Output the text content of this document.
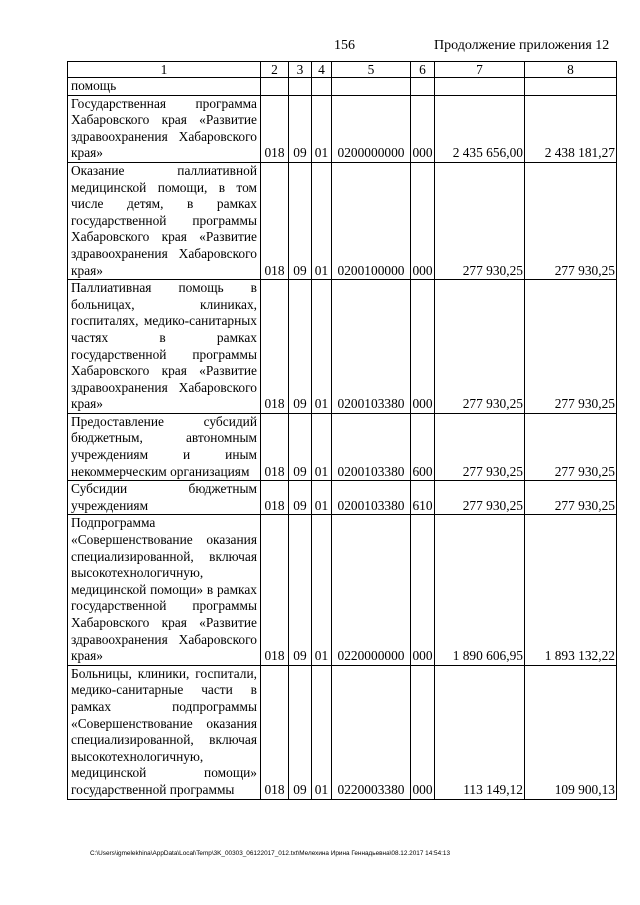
156	Продолжение приложения 12
1	2	3	4	5	6	7	8
помощь							
Государственная программа Хабаровского края «Развитие здравоохранения Хабаровского края»	018	09	01	0200000000	000	2 435 656,00	2 438 181,27
Оказание паллиативной медицинской помощи, в том числе детям, в рамках государственной программы Хабаровского края «Развитие здравоохранения Хабаровского края»	018	09	01	0200100000	000	277 930,25	277 930,25
Паллиативная помощь в больницах, клиниках, госпиталях, медико-санитарных частях в рамках государственной программы Хабаровского края «Развитие здравоохранения Хабаровского края»	018	09	01	0200103380	000	277 930,25	277 930,25
Предоставление субсидий бюджетным, автономным учреждениям и иным некоммерческим организациям	018	09	01	0200103380	600	277 930,25	277 930,25
Субсидии бюджетным учреждениям	018	09	01	0200103380	610	277 930,25	277 930,25
Подпрограмма «Совершенствование оказания специализированной, включая высокотехнологичную, медицинской помощи» в рамках государственной программы Хабаровского края «Развитие здравоохранения Хабаровского края»	018	09	01	0220000000	000	1 890 606,95	1 893 132,22
Больницы, клиники, госпитали, медико-санитарные части в рамках подпрограммы «Совершенствование оказания специализированной, включая высокотехнологичную, медицинской помощи» государственной программы	018	09	01	0220003380	000	113 149,12	109 900,13
C:\Users\igmelekhina\AppData\Local\Temp\3K_00303_06122017_012.txt\Мелехина Ирина Геннадьевна\08.12.2017 14:54:13
